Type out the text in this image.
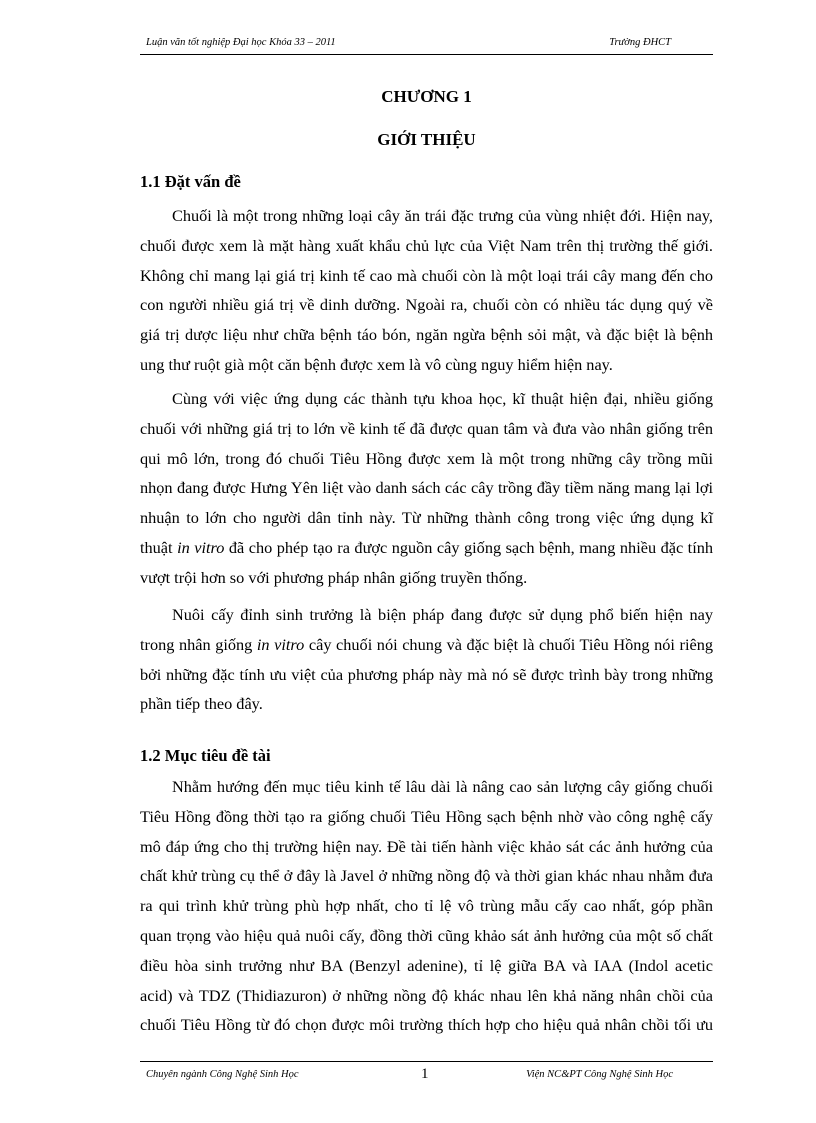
Luận văn tốt nghiệp Đại học Khóa 33 – 2011	Trường ĐHCT
CHƯƠNG 1
GIỚI THIỆU
1.1 Đặt vấn đề
Chuối là một trong những loại cây ăn trái đặc trưng của vùng nhiệt đới. Hiện nay,
chuối được xem là mặt hàng xuất khẩu chủ lực của Việt Nam trên thị trường thế giới.
Không chỉ mang lại giá trị kinh tế cao mà chuối còn là một loại trái cây mang đến cho
con người nhiều giá trị về dinh dưỡng. Ngoài ra, chuối còn có nhiều tác dụng quý về
giá trị dược liệu như chữa bệnh táo bón, ngăn ngừa bệnh sỏi mật, và đặc biệt là bệnh
ung thư ruột già một căn bệnh được xem là vô cùng nguy hiểm hiện nay.
Cùng với việc ứng dụng các thành tựu khoa học, kĩ thuật hiện đại, nhiều giống
chuối với những giá trị to lớn về kinh tế đã được quan tâm và đưa vào nhân giống trên
qui mô lớn, trong đó chuối Tiêu Hồng được xem là một trong những cây trồng mũi
nhọn đang được Hưng Yên liệt vào danh sách các cây trồng đầy tiềm năng mang lại lợi
nhuận to lớn cho người dân tỉnh này. Từ những thành công trong việc ứng dụng kĩ
thuật in vitro đã cho phép tạo ra được nguồn cây giống sạch bệnh, mang nhiều đặc tính
vượt trội hơn so với phương pháp nhân giống truyền thống.
Nuôi cấy đỉnh sinh trưởng là biện pháp đang được sử dụng phổ biến hiện nay
trong nhân giống in vitro cây chuối nói chung và đặc biệt là chuối Tiêu Hồng nói riêng
bởi những đặc tính ưu việt của phương pháp này mà nó sẽ được trình bày trong những
phần tiếp theo đây.
1.2 Mục tiêu đề tài
Nhằm hướng đến mục tiêu kinh tế lâu dài là nâng cao sản lượng cây giống chuối
Tiêu Hồng đồng thời tạo ra giống chuối Tiêu Hồng sạch bệnh nhờ vào công nghệ cấy
mô đáp ứng cho thị trường hiện nay. Đề tài tiến hành việc khảo sát các ảnh hưởng của
chất khử trùng cụ thể ở đây là Javel ở những nồng độ và thời gian khác nhau nhằm đưa
ra qui trình khử trùng phù hợp nhất, cho tỉ lệ vô trùng mẫu cấy cao nhất, góp phần
quan trọng vào hiệu quả nuôi cấy, đồng thời cũng khảo sát ảnh hưởng của một số chất
điều hòa sinh trưởng như BA (Benzyl adenine), tỉ lệ giữa BA và IAA (Indol acetic
acid) và TDZ (Thidiazuron) ở những nồng độ khác nhau lên khả năng nhân chồi của
chuối Tiêu Hồng từ đó chọn được môi trường thích hợp cho hiệu quả nhân chồi tối ưu
Chuyên ngành Công Nghệ Sinh Học	1	Viện NC&PT Công Nghệ Sinh Học
